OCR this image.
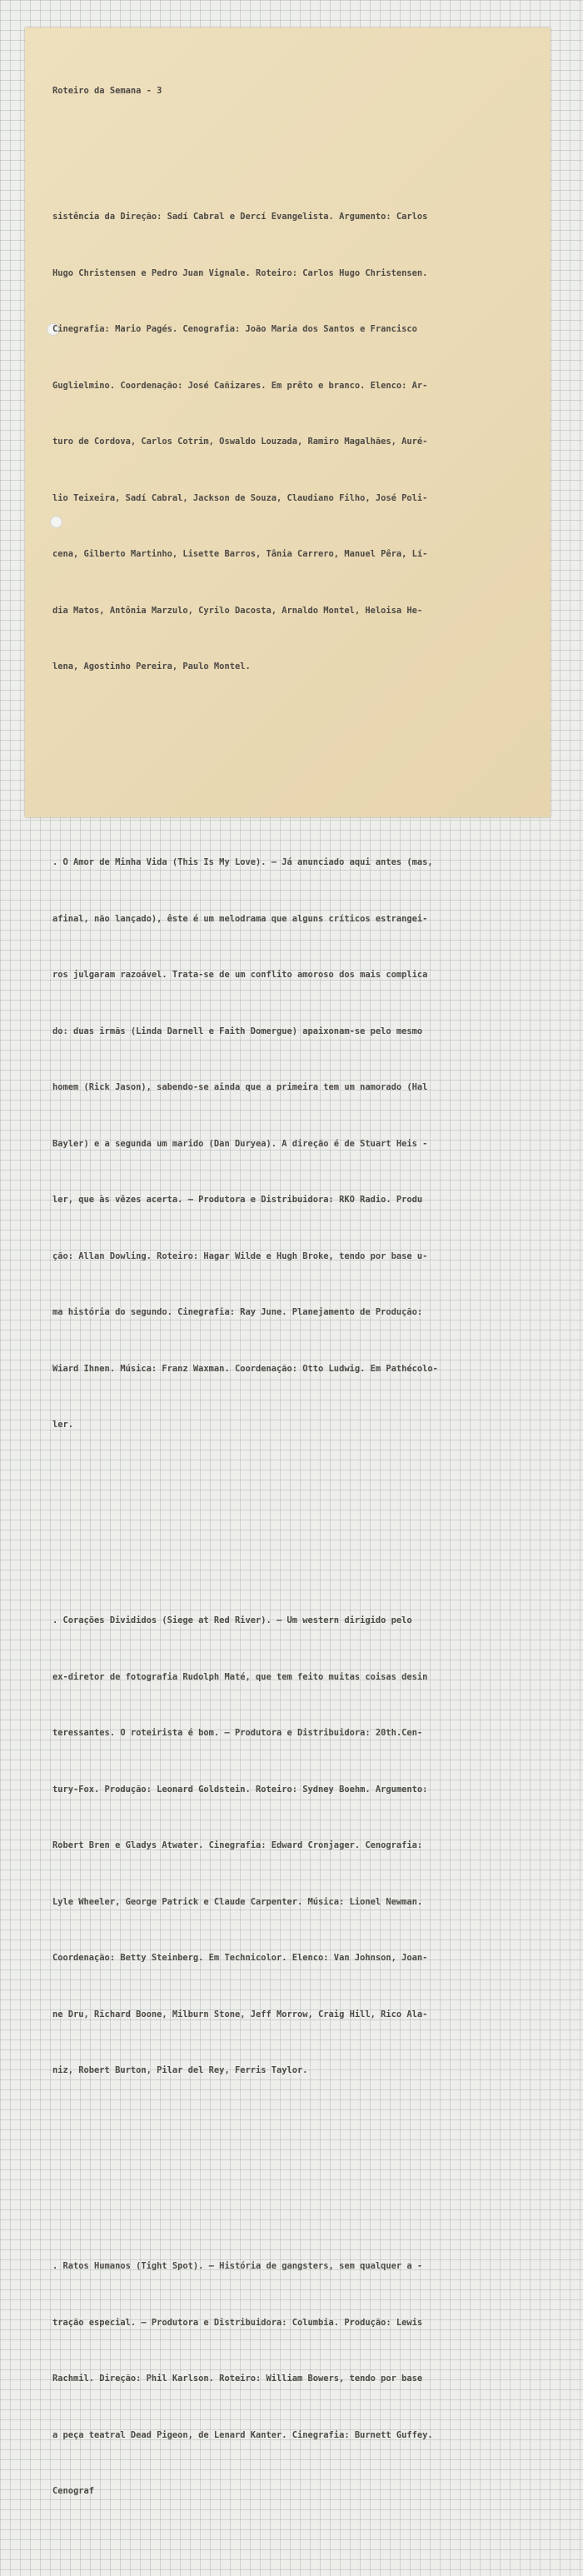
Roteiro da Semana - 3

sistência da Direção: Sadí Cabral e Dercí Evangelista. Argumento: Carlos

Hugo Christensen e Pedro Juan Vignale. Roteiro: Carlos Hugo Christensen.

Cinegrafia: Mario Pagés. Cenografia: João Maria dos Santos e Francisco

Guglielmino. Coordenação: José Cañizares. Em prêto e branco. Elenco: Ar-

turo de Cordova, Carlos Cotrim, Oswaldo Louzada, Ramiro Magalhães, Auré-

lio Teixeira, Sadí Cabral, Jackson de Souza, Claudiano Filho, José Poli-

cena, Gilberto Martinho, Lisette Barros, Tânia Carrero, Manuel Pêra, Lí-

dia Matos, Antônia Marzulo, Cyrilo Dacosta, Arnaldo Montel, Heloisa He-

lena, Agostinho Pereira, Paulo Montel.

. O Amor de Minha Vida (This Is My Love). — Já anunciado aqui antes (mas,

afinal, não lançado), êste é um melodrama que alguns críticos estrangei-

ros julgaram razoável. Trata-se de um conflito amoroso dos mais complica

do: duas irmãs (Linda Darnell e Faith Domergue) apaixonam-se pelo mesmo

homem (Rick Jason), sabendo-se ainda que a primeira tem um namorado (Hal

Bayler) e a segunda um marido (Dan Duryea). A direção é de Stuart Heis -

ler, que às vêzes acerta. — Produtora e Distribuidora: RKO Radio. Produ

ção: Allan Dowling. Roteiro: Hagar Wilde e Hugh Broke, tendo por base u-

ma história do segundo. Cinegrafia: Ray June. Planejamento de Produção:

Wiard Ihnen. Música: Franz Waxman. Coordenação: Otto Ludwig. Em Pathécolo-

ler.

. Corações Divididos (Siege at Red River). — Um western dirigido pelo

ex-diretor de fotografia Rudolph Maté, que tem feito muitas coisas desin

teressantes. O roteirista é bom. — Produtora e Distribuidora: 20th.Cen-

tury-Fox. Produção: Leonard Goldstein. Roteiro: Sydney Boehm. Argumento:

Robert Bren e Gladys Atwater. Cinegrafia: Edward Cronjager. Cenografia:

Lyle Wheeler, George Patrick e Claude Carpenter. Música: Lionel Newman.

Coordenação: Betty Steinberg. Em Technicolor. Elenco: Van Johnson, Joan-

ne Dru, Richard Boone, Milburn Stone, Jeff Morrow, Craig Hill, Rico Ala-

niz, Robert Burton, Pilar del Rey, Ferris Taylor.

. Ratos Humanos (Tight Spot). — História de gangsters, sem qualquer a -

tração especial. — Produtora e Distribuidora: Columbia. Produção: Lewis

Rachmil. Direção: Phil Karlson. Roteiro: William Bowers, tendo por base

a peça teatral Dead Pigeon, de Lenard Kanter. Cinegrafia: Burnett Guffey.

Cenograf
